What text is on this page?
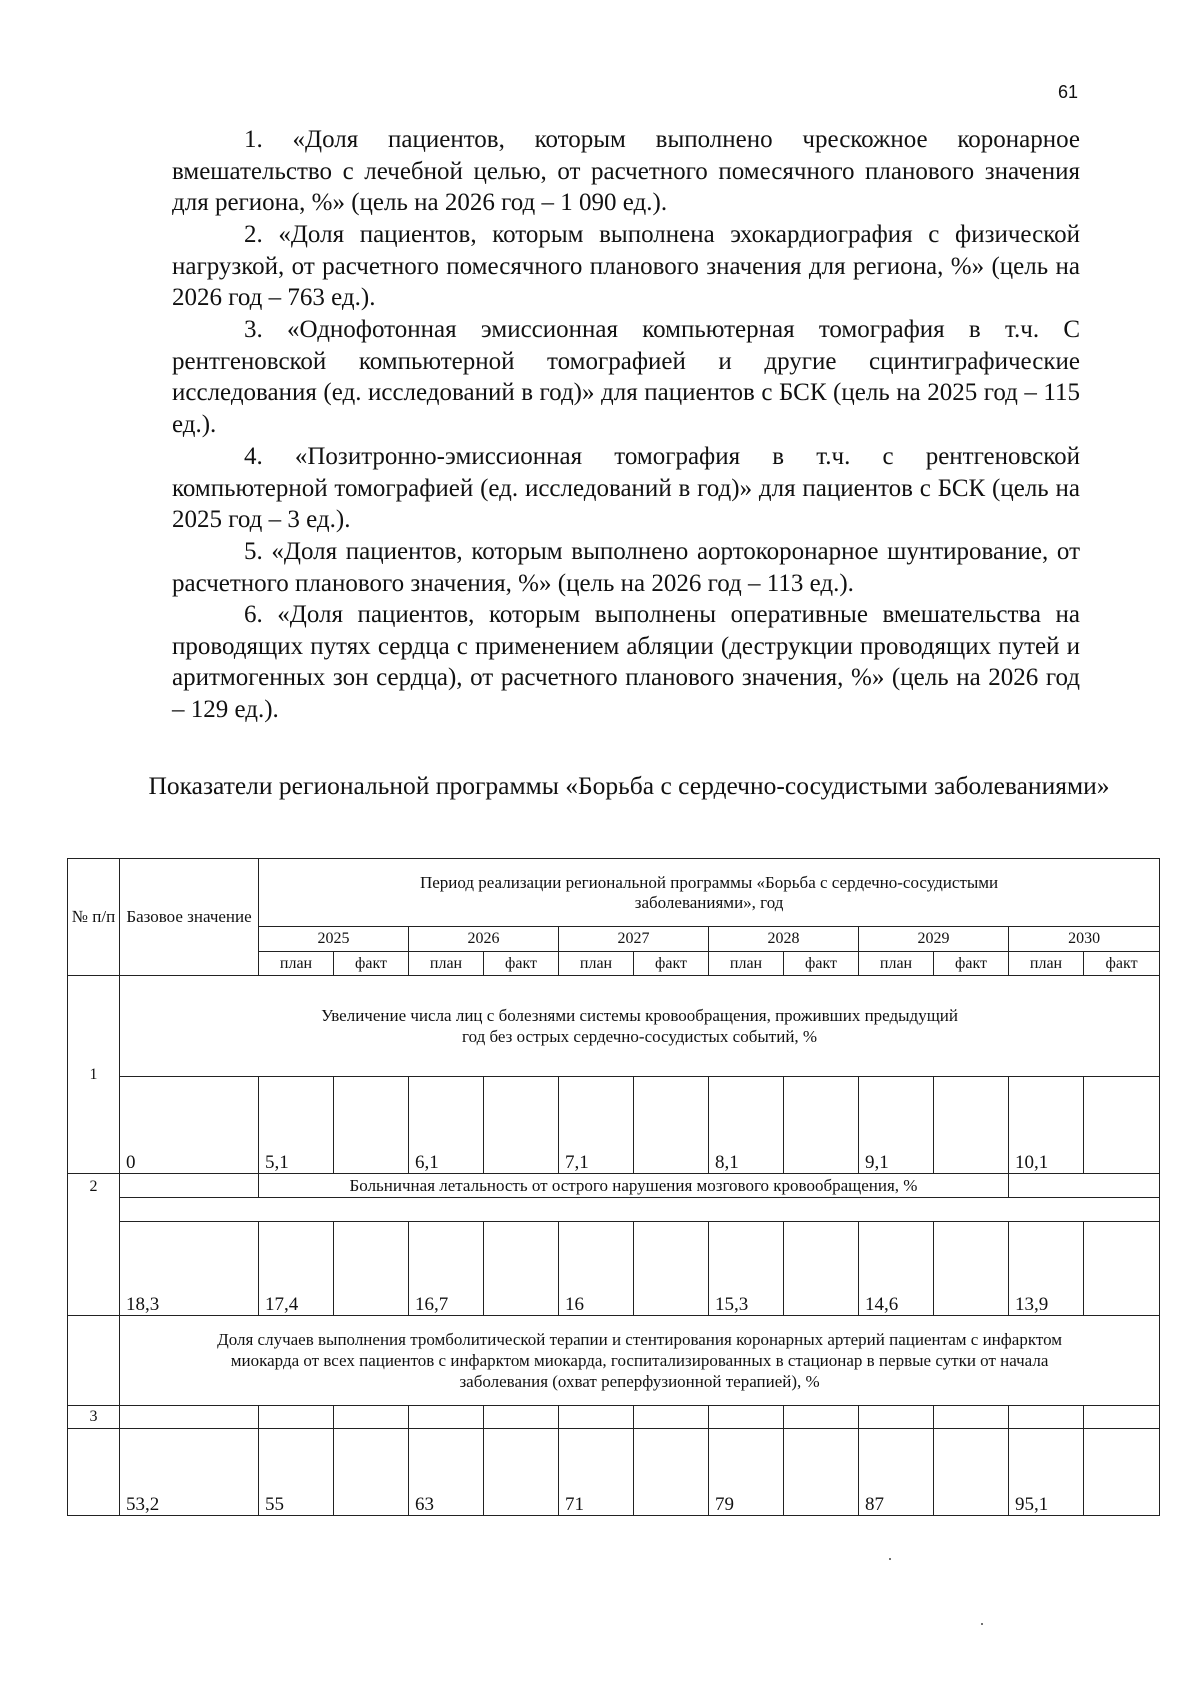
61

1. «Доля пациентов, которым выполнено чрескожное коронарное вмешательство с лечебной целью, от расчетного помесячного планового значения для региона, %» (цель на 2026 год – 1 090 ед.).

2. «Доля пациентов, которым выполнена эхокардиография с физической нагрузкой, от расчетного помесячного планового значения для региона, %» (цель на 2026 год – 763 ед.).

3. «Однофотонная эмиссионная компьютерная томография в т.ч. С рентгеновской компьютерной томографией и другие сцинтиграфические исследования (ед. исследований в год)» для пациентов с БСК (цель на 2025 год – 115 ед.).

4. «Позитронно-эмиссионная томография в т.ч. с рентгеновской компьютерной томографией (ед. исследований в год)» для пациентов с БСК (цель на 2025 год – 3 ед.).

5. «Доля пациентов, которым выполнено аортокоронарное шунтирование, от расчетного планового значения, %» (цель на 2026 год – 113 ед.).

6. «Доля пациентов, которым выполнены оперативные вмешательства на проводящих путях сердца с применением абляции (деструкции проводящих путей и аритмогенных зон сердца), от расчетного планового значения, %» (цель на 2026 год – 129 ед.).

Показатели региональной программы «Борьба с сердечно-сосудистыми заболеваниями»
№ п/п	Базовое значение	Период реализации региональной программы «Борьба с сердечно-сосудистыми заболеваниями», год											
		2025		2026		2027		2028		2029		2030	
		план	факт	план	факт	план	факт	план	факт	план	факт	план	факт
1	Увеличение числа лиц с болезнями системы кровообращения, проживших предыдущий год без острых сердечно-сосудистых событий, %												
	0	5,1		6,1		7,1		8,1		9,1		10,1	
2		Больничная летальность от острого нарушения мозгового кровообращения, %											

	18,3	17,4		16,7		16		15,3		14,6		13,9	
	Доля случаев выполнения тромболитической терапии и стентирования коронарных артерий пациентам с инфарктом миокарда от всех пациентов с инфарктом миокарда, госпитализированных в стационар в первые сутки от начала заболевания (охват реперфузионной терапией), %												
3													
	53,2	55		63		71		79		87		95,1	
